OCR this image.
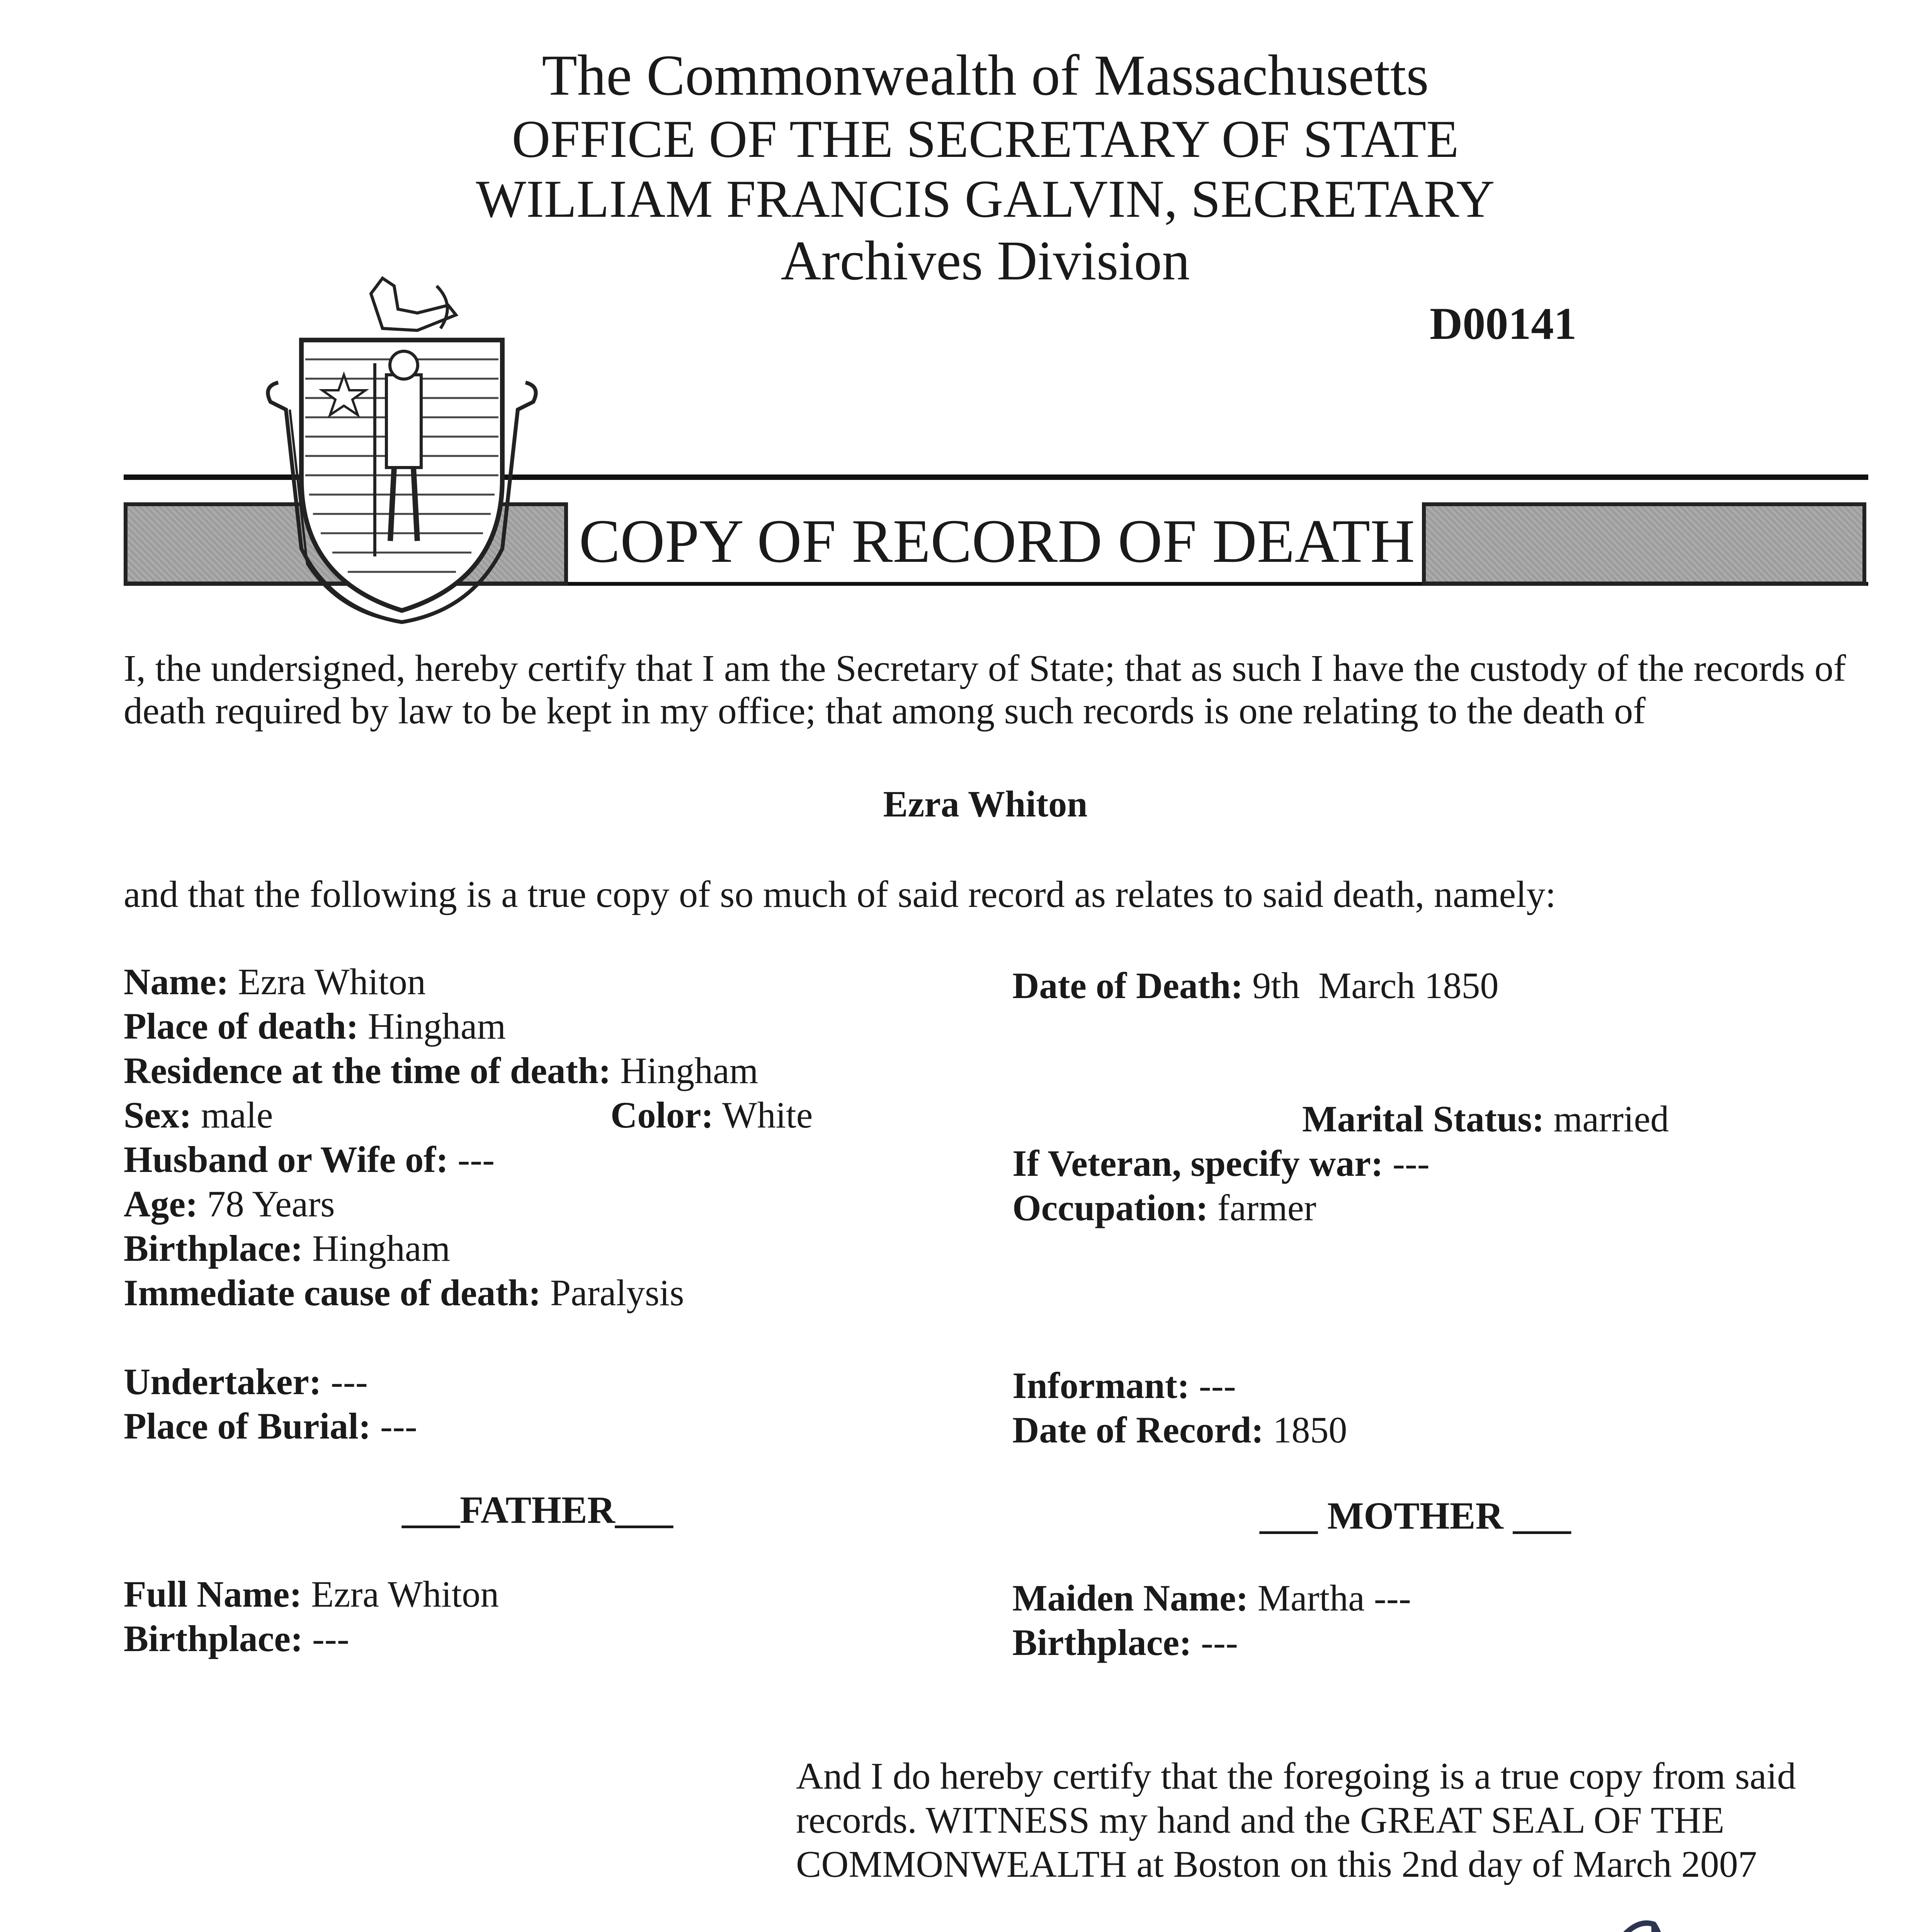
The Commonwealth of Massachusetts
OFFICE OF THE SECRETARY OF STATE
WILLIAM FRANCIS GALVIN, SECRETARY
Archives Division
D00141
COPY OF RECORD OF DEATH
I, the undersigned, hereby certify that I am the Secretary of State; that as such I have the custody of the records of death required by law to be kept in my office; that among such records is one relating to the death of
Ezra Whiton
and that the following is a true copy of so much of said record as relates to said death, namely:
Name: Ezra Whiton
Place of death: Hingham
Residence at the time of death: Hingham
Sex: male	Color: White
Husband or Wife of: ---
Age: 78 Years
Birthplace: Hingham
Immediate cause of death: Paralysis
Date of Death: 9th  March 1850
Marital Status: married
If Veteran, specify war: ---
Occupation: farmer
Undertaker: ---
Place of Burial: ---
Informant: ---
Date of Record: 1850
___FATHER___	___ MOTHER ___
Full Name: Ezra Whiton
Birthplace: ---
Maiden Name: Martha ---
Birthplace: ---
And I do hereby certify that the foregoing is a true copy from said records. WITNESS my hand and the GREAT SEAL OF THE COMMONWEALTH at Boston on this 2nd day of March 2007
